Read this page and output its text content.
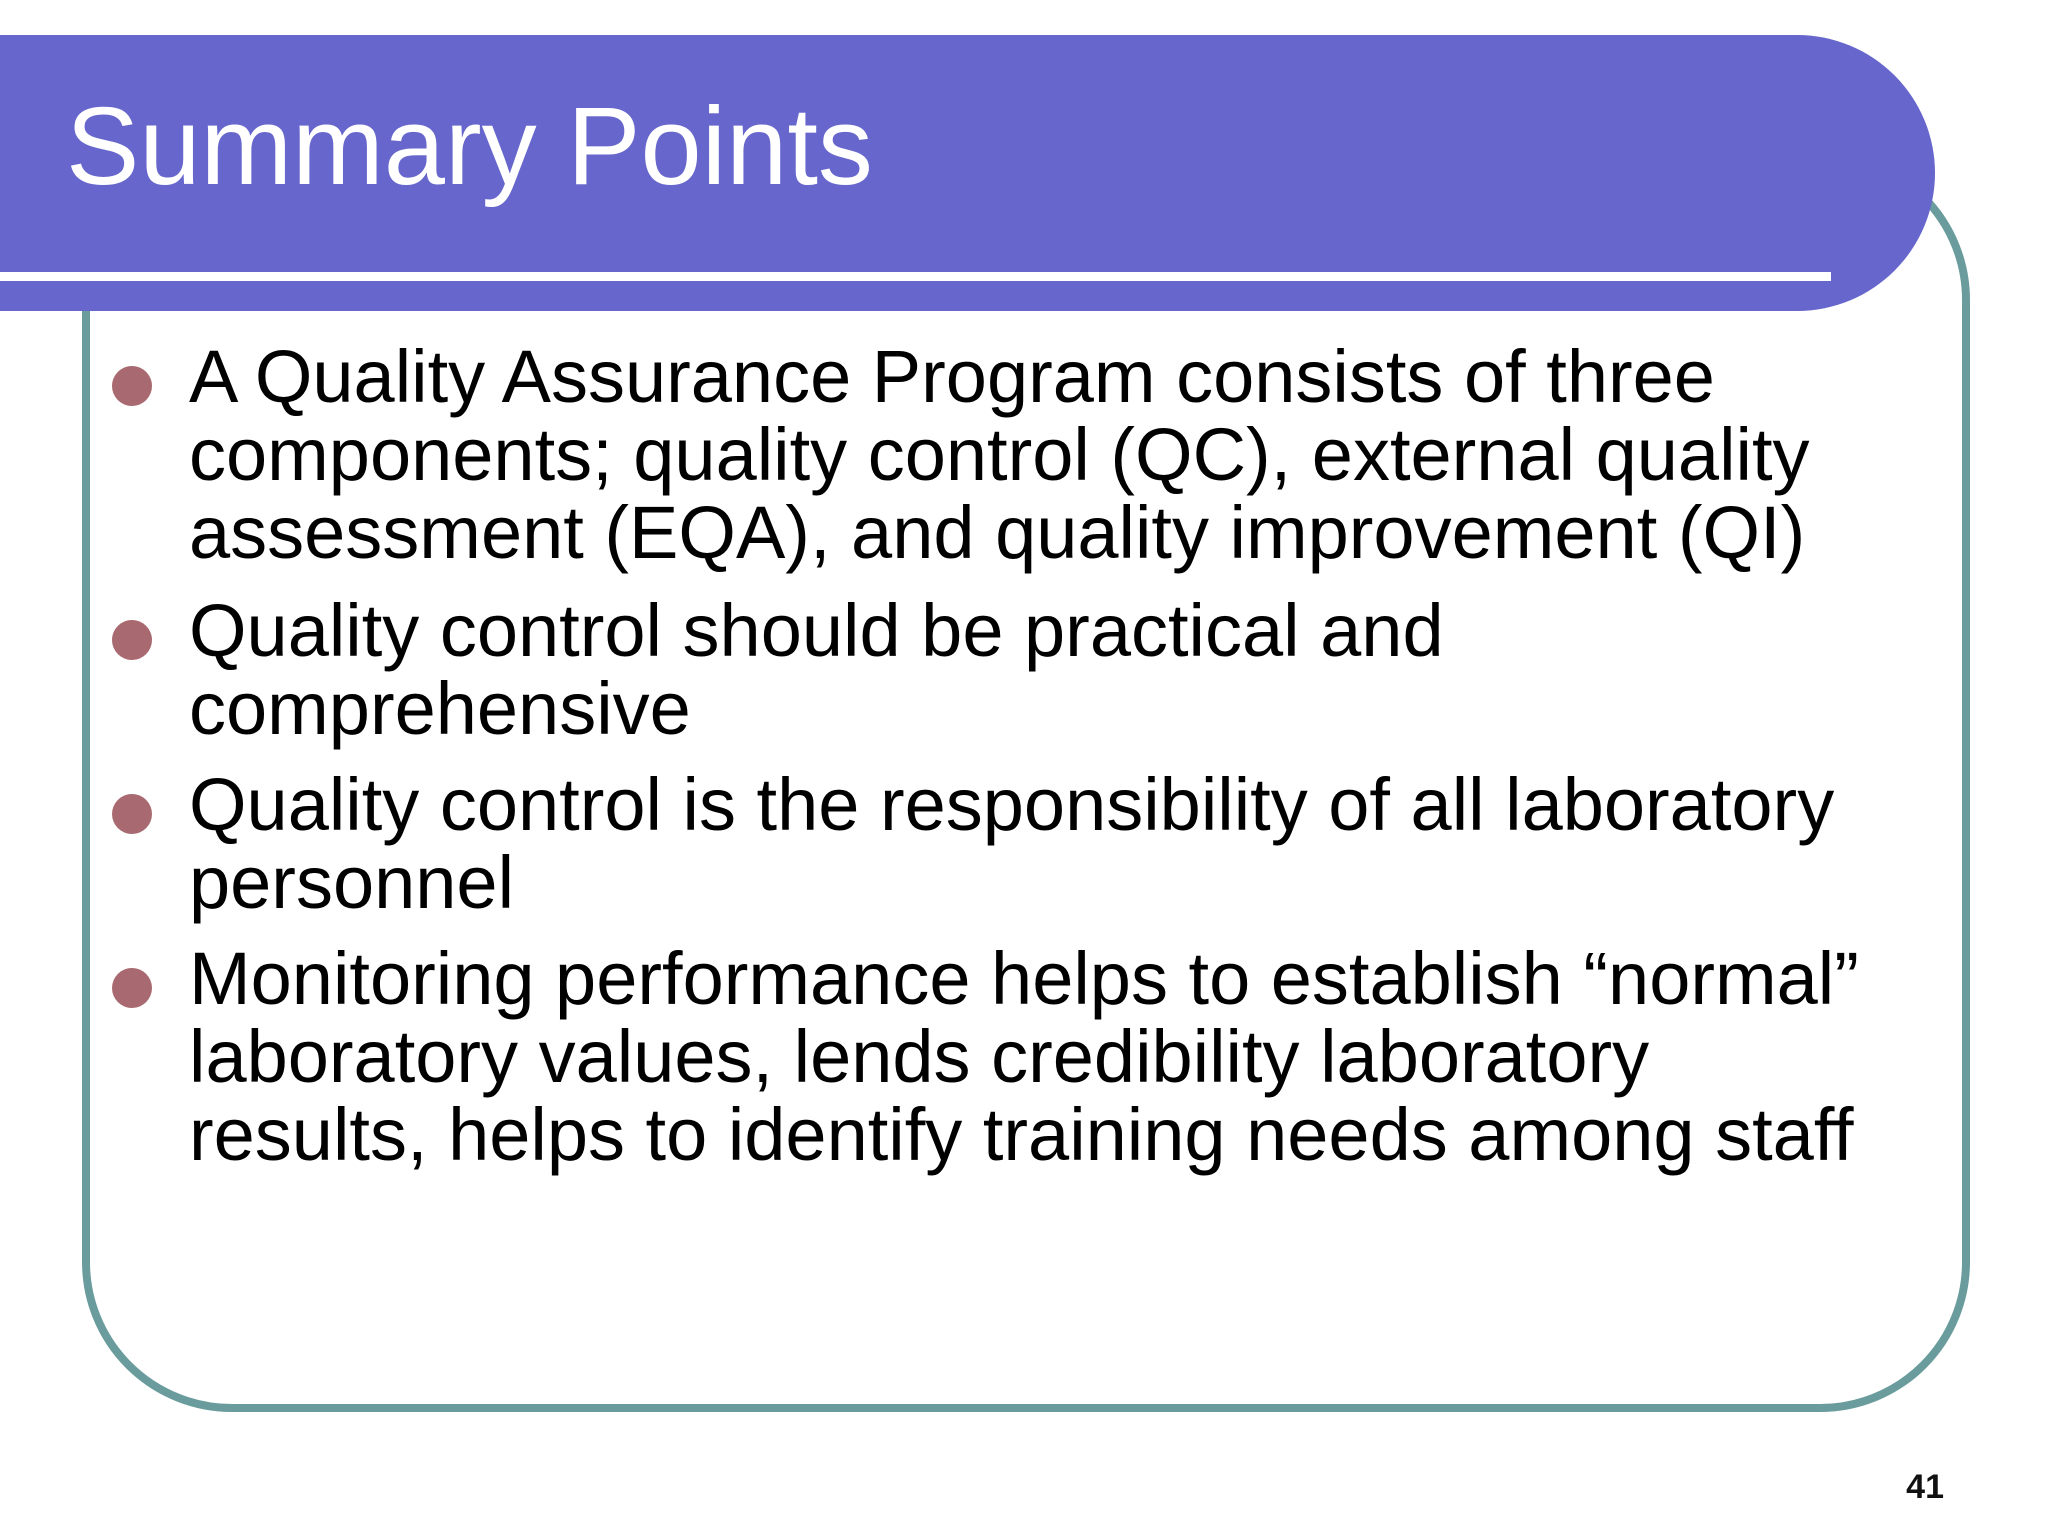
Summary Points
A Quality Assurance Program consists of three components; quality control (QC), external quality assessment (EQA), and quality improvement (QI)
Quality control should be practical and comprehensive
Quality control is the responsibility of all laboratory personnel
Monitoring performance helps to establish “normal” laboratory values, lends credibility laboratory results, helps to identify training needs among staff
41
